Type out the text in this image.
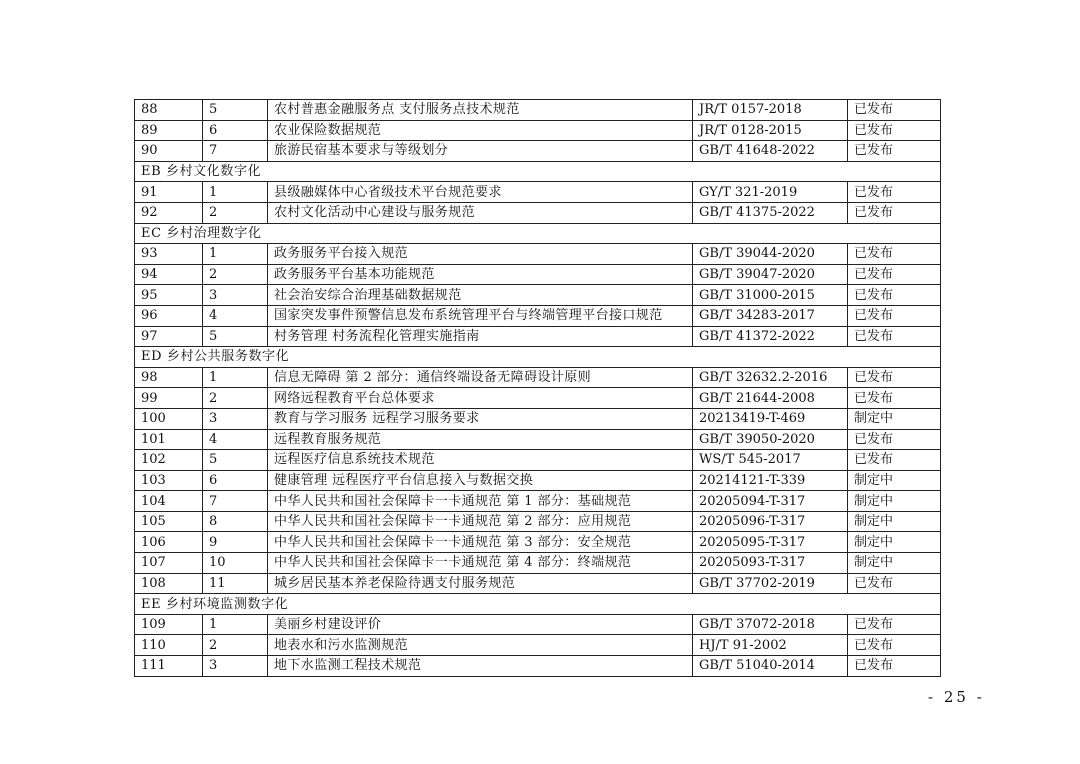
88	5	农村普惠金融服务点 支付服务点技术规范	JR/T 0157-2018	已发布
89	6	农业保险数据规范	JR/T 0128-2015	已发布
90	7	旅游民宿基本要求与等级划分	GB/T 41648-2022	已发布
EB 乡村文化数字化				
91	1	县级融媒体中心省级技术平台规范要求	GY/T 321-2019	已发布
92	2	农村文化活动中心建设与服务规范	GB/T 41375-2022	已发布
EC 乡村治理数字化				
93	1	政务服务平台接入规范	GB/T 39044-2020	已发布
94	2	政务服务平台基本功能规范	GB/T 39047-2020	已发布
95	3	社会治安综合治理基础数据规范	GB/T 31000-2015	已发布
96	4	国家突发事件预警信息发布系统管理平台与终端管理平台接口规范	GB/T 34283-2017	已发布
97	5	村务管理 村务流程化管理实施指南	GB/T 41372-2022	已发布
ED 乡村公共服务数字化				
98	1	信息无障碍 第 2 部分：通信终端设备无障碍设计原则	GB/T 32632.2-2016	已发布
99	2	网络远程教育平台总体要求	GB/T 21644-2008	已发布
100	3	教育与学习服务 远程学习服务要求	20213419-T-469	制定中
101	4	远程教育服务规范	GB/T 39050-2020	已发布
102	5	远程医疗信息系统技术规范	WS/T 545-2017	已发布
103	6	健康管理 远程医疗平台信息接入与数据交换	20214121-T-339	制定中
104	7	中华人民共和国社会保障卡一卡通规范 第 1 部分：基础规范	20205094-T-317	制定中
105	8	中华人民共和国社会保障卡一卡通规范 第 2 部分：应用规范	20205096-T-317	制定中
106	9	中华人民共和国社会保障卡一卡通规范 第 3 部分：安全规范	20205095-T-317	制定中
107	10	中华人民共和国社会保障卡一卡通规范 第 4 部分：终端规范	20205093-T-317	制定中
108	11	城乡居民基本养老保险待遇支付服务规范	GB/T 37702-2019	已发布
EE 乡村环境监测数字化				
109	1	美丽乡村建设评价	GB/T 37072-2018	已发布
110	2	地表水和污水监测规范	HJ/T 91-2002	已发布
111	3	地下水监测工程技术规范	GB/T 51040-2014	已发布
- 25 -
